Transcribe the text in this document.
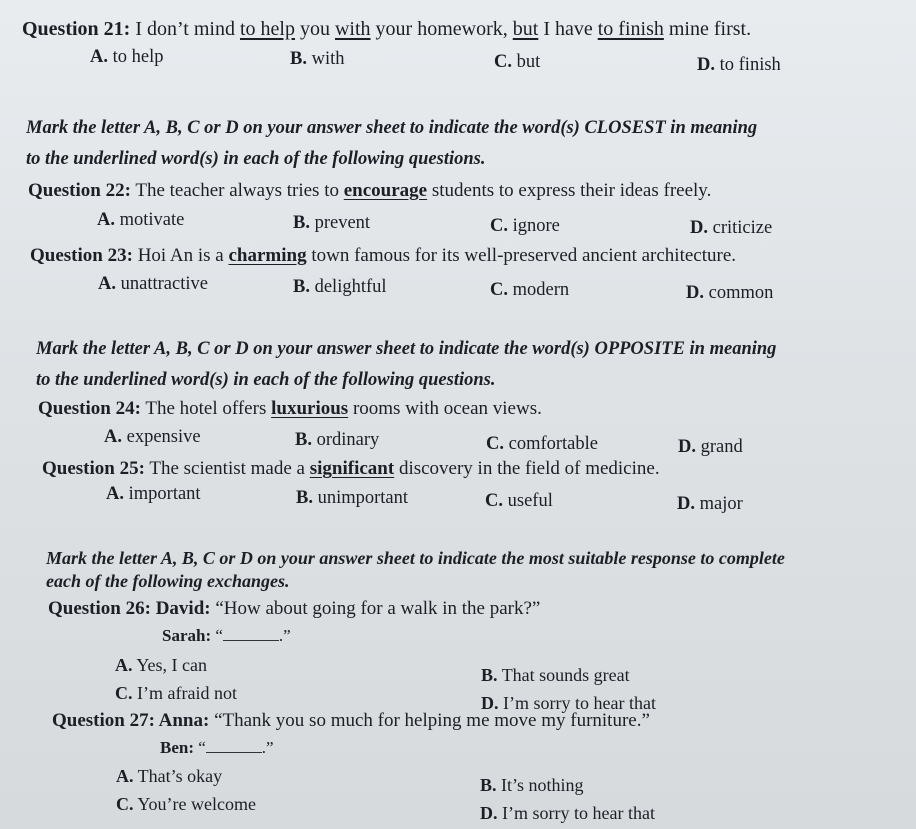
Question 21: I don’t mind to help you with your homework, but I have to finish mine first.
A. to help	B. with	C. but	D. to finish
Mark the letter A, B, C or D on your answer sheet to indicate the word(s) CLOSEST in meaning
to the underlined word(s) in each of the following questions.
Question 22: The teacher always tries to encourage students to express their ideas freely.
A. motivate	B. prevent	C. ignore	D. criticize
Question 23: Hoi An is a charming town famous for its well-preserved ancient architecture.
A. unattractive	B. delightful	C. modern	D. common
Mark the letter A, B, C or D on your answer sheet to indicate the word(s) OPPOSITE in meaning
to the underlined word(s) in each of the following questions.
Question 24: The hotel offers luxurious rooms with ocean views.
A. expensive	B. ordinary	C. comfortable	D. grand
Question 25: The scientist made a significant discovery in the field of medicine.
A. important	B. unimportant	C. useful	D. major
Mark the letter A, B, C or D on your answer sheet to indicate the most suitable response to complete
each of the following exchanges.
Question 26: David: “How about going for a walk in the park?”
Sarah: “	.”
A. Yes, I can	B. That sounds great
C. I’m afraid not	D. I’m sorry to hear that
Question 27: Anna: “Thank you so much for helping me move my furniture.”
Ben: “	.”
A. That’s okay	B. It’s nothing
C. You’re welcome	D. I’m sorry to hear that
